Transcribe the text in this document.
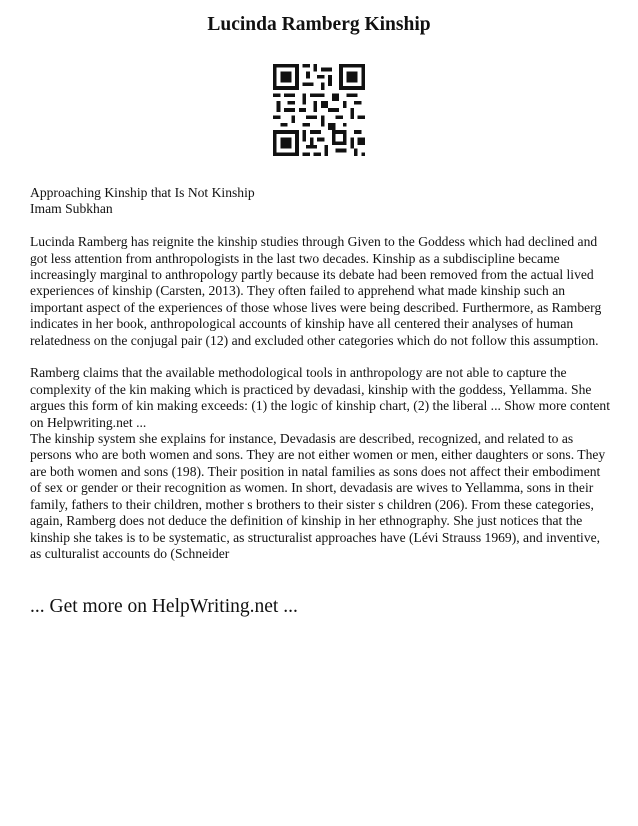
Lucinda Ramberg Kinship

Approaching Kinship that Is Not Kinship

Imam Subkhan

Lucinda Ramberg has reignite the kinship studies through Given to the Goddess which had declined and got less attention from anthropologists in the last two decades. Kinship as a subdiscipline became increasingly marginal to anthropology partly because its debate had been removed from the actual lived experiences of kinship (Carsten, 2013). They often failed to apprehend what made kinship such an important aspect of the experiences of those whose lives were being described. Furthermore, as Ramberg indicates in her book, anthropological accounts of kinship have all centered their analyses of human relatedness on the conjugal pair (12) and excluded other categories which do not follow this assumption.

Ramberg claims that the available methodological tools in anthropology are not able to capture the complexity of the kin making which is practiced by devadasi, kinship with the goddess, Yellamma. She argues this form of kin making exceeds: (1) the logic of kinship chart, (2) the liberal ... Show more content on Helpwriting.net ...

The kinship system she explains for instance, Devadasis are described, recognized, and related to as persons who are both women and sons. They are not either women or men, either daughters or sons. They are both women and sons (198). Their position in natal families as sons does not affect their embodiment of sex or gender or their recognition as women. In short, devadasis are wives to Yellamma, sons in their family, fathers to their children, mother s brothers to their sister s children (206). From these categories, again, Ramberg does not deduce the definition of kinship in her ethnography. She just notices that the kinship she takes is to be systematic, as structuralist approaches have (Lévi Strauss 1969), and inventive, as culturalist accounts do (Schneider

... Get more on HelpWriting.net ...
